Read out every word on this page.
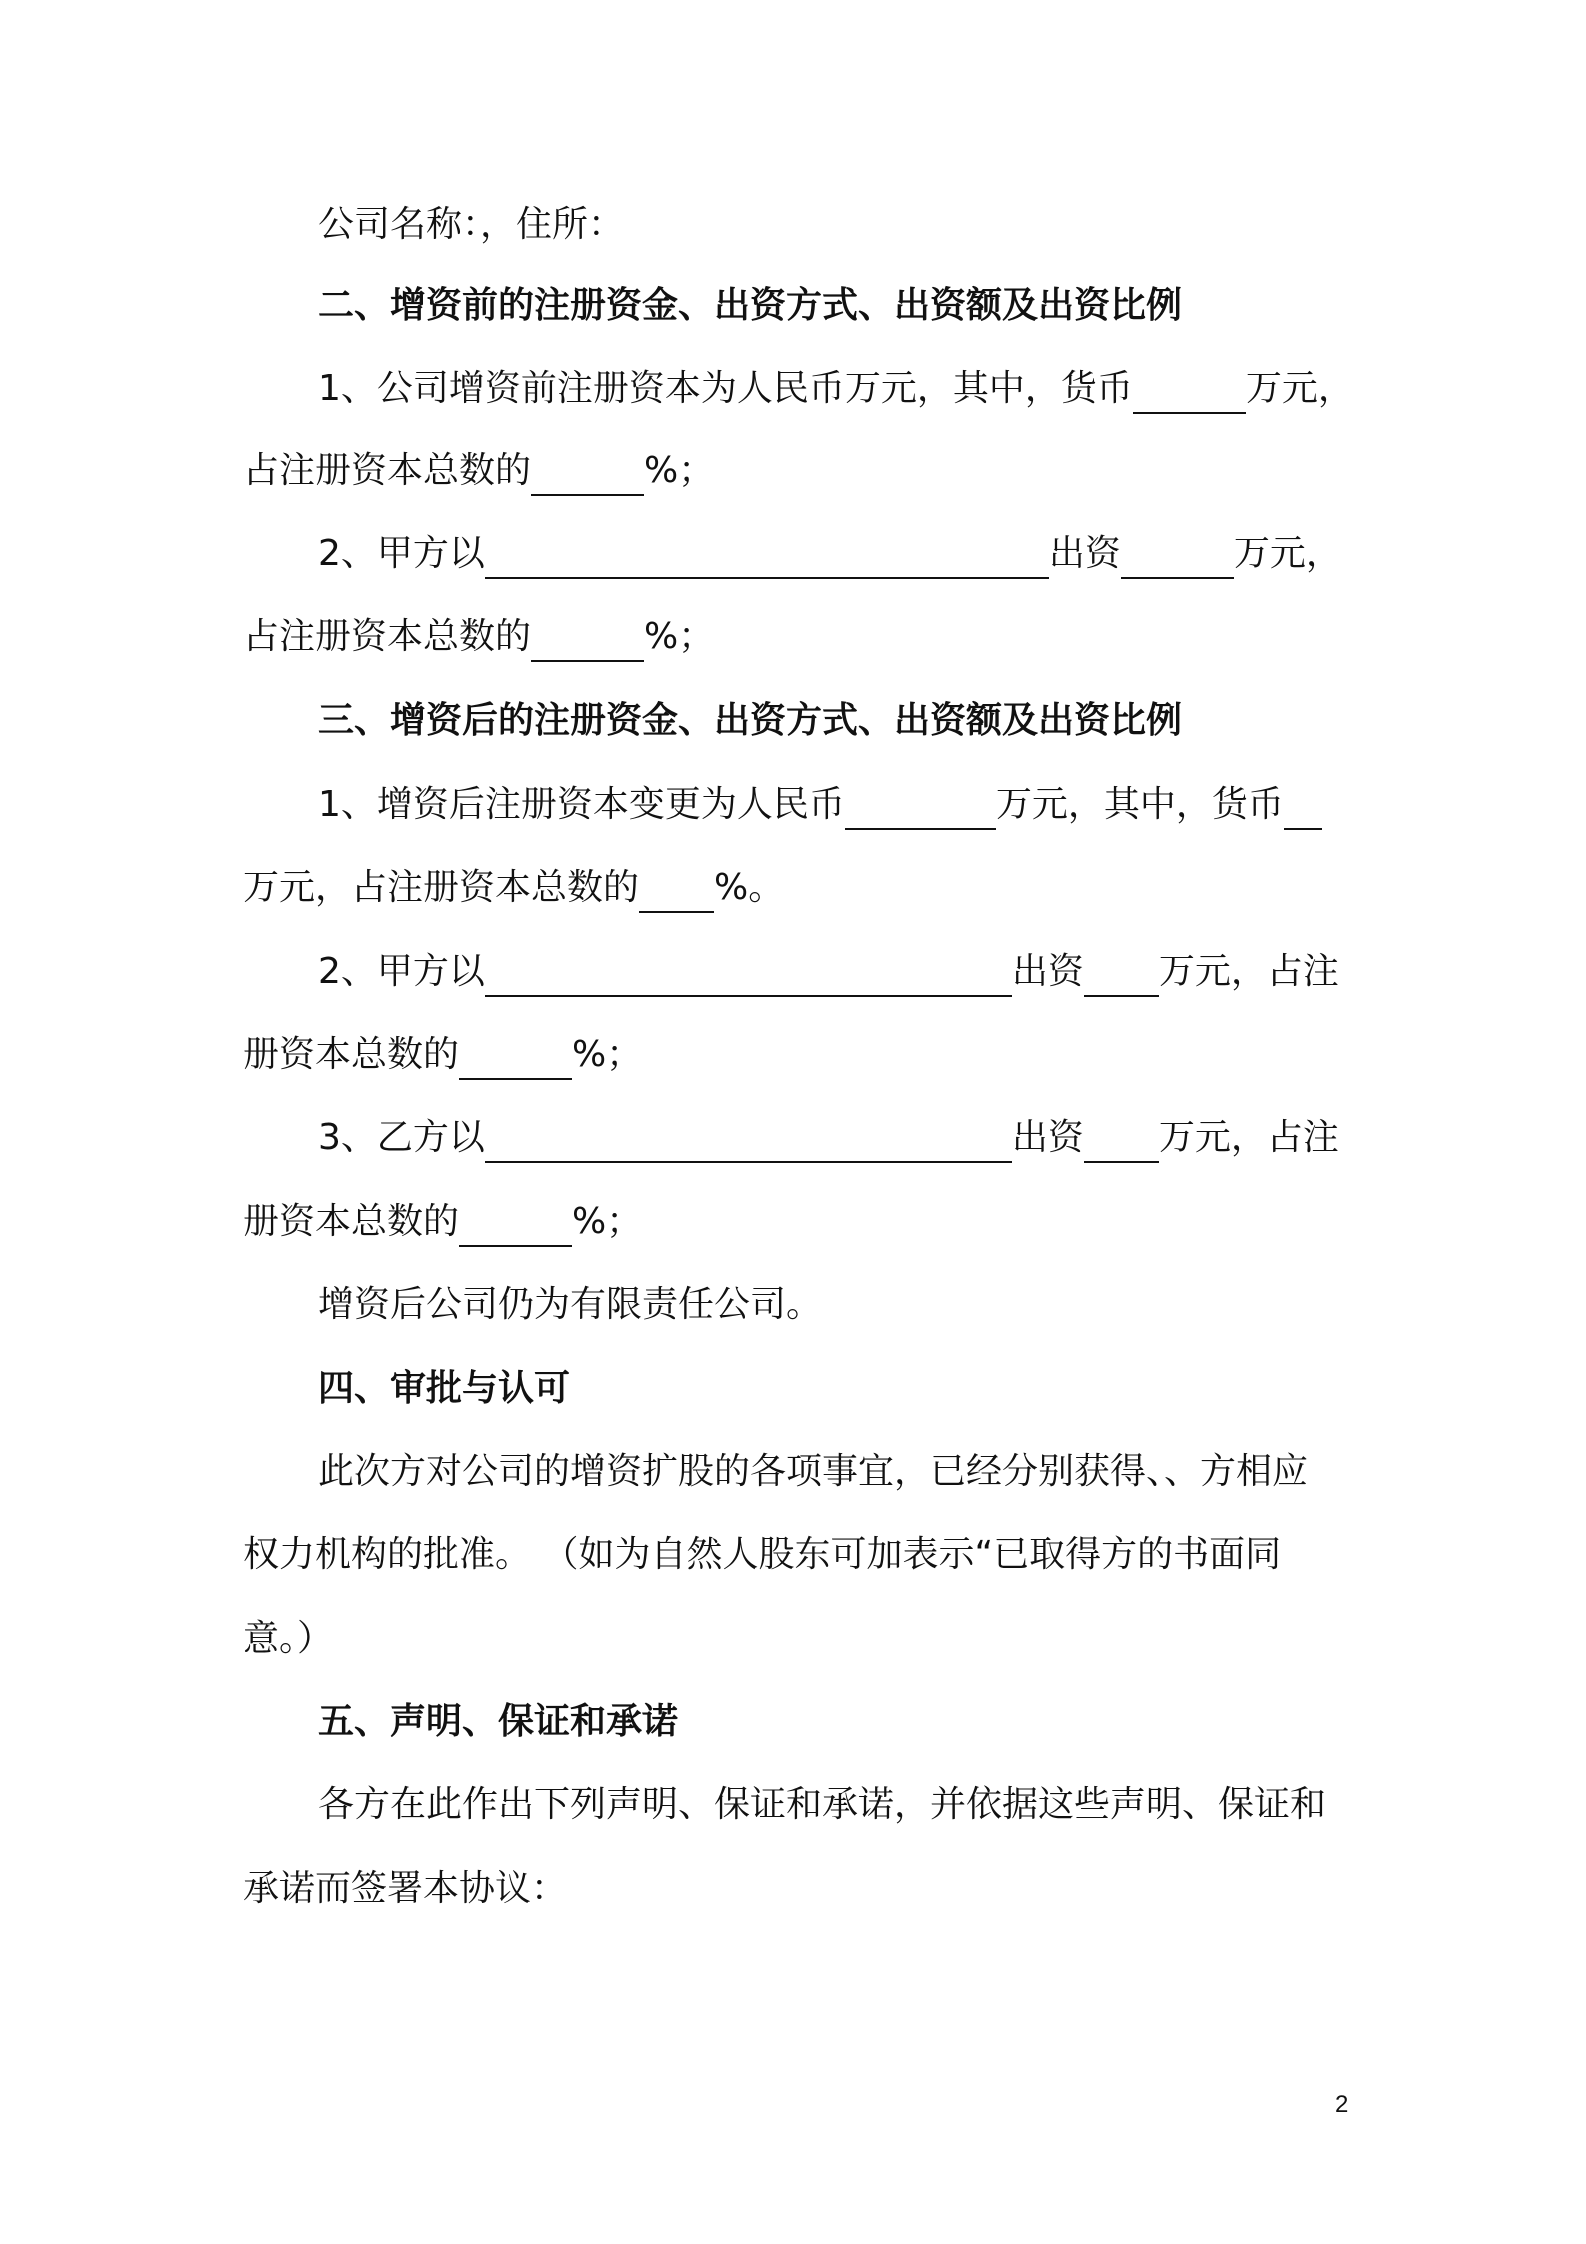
公司名称：，住所：
二、增资前的注册资金、出资方式、出资额及出资比例
1、公司增资前注册资本为人民币万元，其中，货币	万元，
占注册资本总数的	%；
2、甲方以	出资	万元，
占注册资本总数的	%；
三、增资后的注册资金、出资方式、出资额及出资比例
1、增资后注册资本变更为人民币	万元，其中，货币
万元，占注册资本总数的 %。
2、甲方以	出资 万元，占注
册资本总数的	%；
3、乙方以	出资 万元，占注
册资本总数的	%；
增资后公司仍为有限责任公司。
四、审批与认可
此次方对公司的增资扩股的各项事宜，已经分别获得、、方相应
权力机构的批准。 （如为自然人股东可加表示“已取得方的书面同
意。）
五、声明、保证和承诺
各方在此作出下列声明、保证和承诺，并依据这些声明、保证和
承诺而签署本协议：
2
